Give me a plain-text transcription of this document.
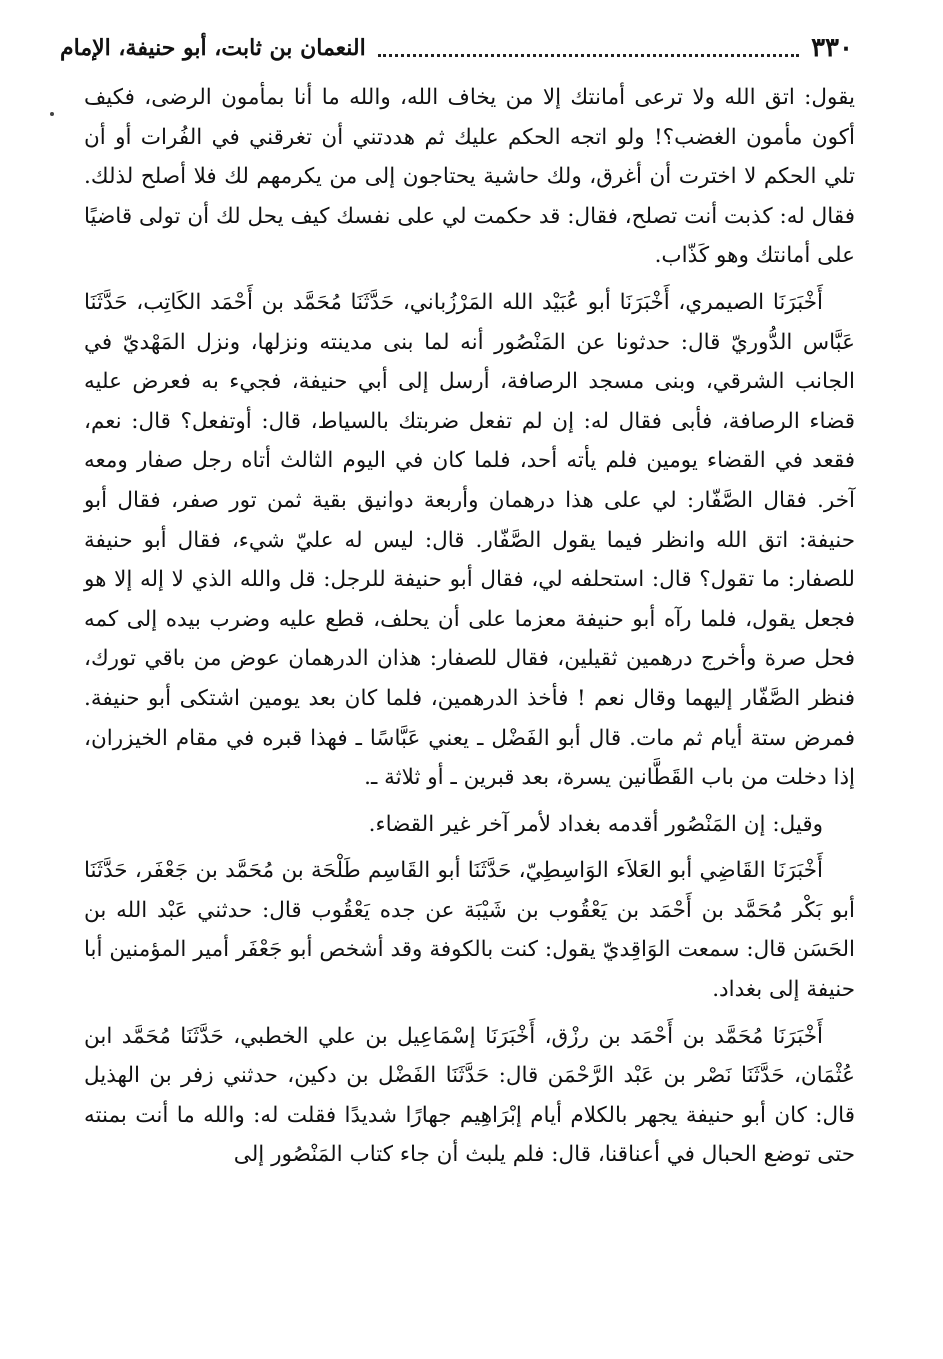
٣٣٠
النعمان بن ثابت، أبو حنيفة، الإمام

يقول: اتق الله ولا ترعى أمانتك إلا من يخاف الله، والله ما أنا بمأمون الرضى، فكيف أكون مأمون الغضب؟! ولو اتجه الحكم عليك ثم هددتني أن تغرقني في الفُرات أو أن تلي الحكم لا اخترت أن أغرق، ولك حاشية يحتاجون إلى من يكرمهم لك فلا أصلح لذلك. فقال له: كذبت أنت تصلح، فقال: قد حكمت لي على نفسك كيف يحل لك أن تولى قاضيًا على أمانتك وهو كَذّاب.

أَخْبَرَنَا الصيمري، أَخْبَرَنَا أبو عُبَيْد الله المَرْزُباني، حَدَّثَنَا مُحَمَّد بن أَحْمَد الكَاتِب، حَدَّثَنَا عَبَّاس الدُّوريّ قال: حدثونا عن المَنْصُور أنه لما بنى مدينته ونزلها، ونزل المَهْديّ في الجانب الشرقي، وبنى مسجد الرصافة، أرسل إلى أبي حنيفة، فجيء به فعرض عليه قضاء الرصافة، فأبى فقال له: إن لم تفعل ضربتك بالسياط، قال: أوتفعل؟ قال: نعم، فقعد في القضاء يومين فلم يأته أحد، فلما كان في اليوم الثالث أتاه رجل صفار ومعه آخر. فقال الصَّفّار: لي على هذا درهمان وأربعة دوانيق بقية ثمن تور صفر، فقال أبو حنيفة: اتق الله وانظر فيما يقول الصَّفّار. قال: ليس له عليّ شيء، فقال أبو حنيفة للصفار: ما تقول؟ قال: استحلفه لي، فقال أبو حنيفة للرجل: قل والله الذي لا إله إلا هو فجعل يقول، فلما رآه أبو حنيفة معزما على أن يحلف، قطع عليه وضرب بيده إلى كمه فحل صرة وأخرج درهمين ثقيلين، فقال للصفار: هذان الدرهمان عوض من باقي تورك، فنظر الصَّفّار إليهما وقال نعم ! فأخذ الدرهمين، فلما كان بعد يومين اشتكى أبو حنيفة. فمرض ستة أيام ثم مات. قال أبو الفَضْل ـ يعني عَبَّاسًا ـ فهذا قبره في مقام الخيزران، إذا دخلت من باب القَطَّانين يسرة، بعد قبرين ـ أو ثلاثة ـ.

وقيل: إن المَنْصُور أقدمه بغداد لأمر آخر غير القضاء.

أَخْبَرَنَا القَاضِي أبو العَلاَء الوَاسِطِيّ، حَدَّثَنَا أبو القَاسِم طَلْحَة بن مُحَمَّد بن جَعْفَر، حَدَّثَنَا أبو بَكْر مُحَمَّد بن أَحْمَد بن يَعْقُوب بن شَيْبَة عن جده يَعْقُوب قال: حدثني عَبْد الله بن الحَسَن قال: سمعت الوَاقِديّ يقول: كنت بالكوفة وقد أشخص أبو جَعْفَر أمير المؤمنين أبا حنيفة إلى بغداد.

أَخْبَرَنَا مُحَمَّد بن أَحْمَد بن رزْق، أَخْبَرَنَا إسْمَاعِيل بن علي الخطبي، حَدَّثَنَا مُحَمَّد ابن عُثْمَان، حَدَّثَنَا نَصْر بن عَبْد الرَّحْمَن قال: حَدَّثَنَا الفَضْل بن دكين، حدثني زفر بن الهذيل قال: كان أبو حنيفة يجهر بالكلام أيام إبْرَاهِيم جهارًا شديدًا فقلت له: والله ما أنت بمنته حتى توضع الحبال في أعناقنا، قال: فلم يلبث أن جاء كتاب المَنْصُور إلى
